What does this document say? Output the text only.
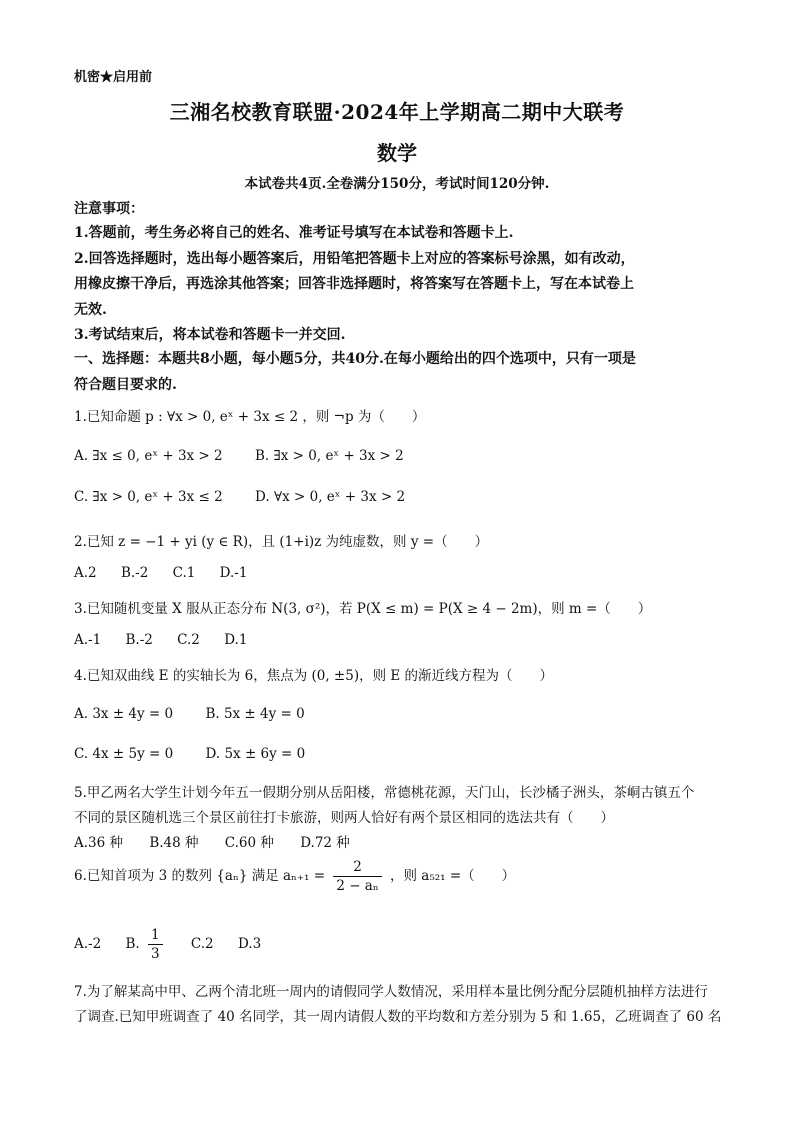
机密★启用前
三湘名校教育联盟·2024年上学期高二期中大联考
数学
本试卷共4页.全卷满分150分，考试时间120分钟.
注意事项：
1.答题前，考生务必将自己的姓名、准考证号填写在本试卷和答题卡上.
2.回答选择题时，选出每小题答案后，用铅笔把答题卡上对应的答案标号涂黑，如有改动，
用橡皮擦干净后，再选涂其他答案；回答非选择题时，将答案写在答题卡上，写在本试卷上
无效.
3.考试结束后，将本试卷和答题卡一并交回.
一、选择题：本题共8小题，每小题5分，共40分.在每小题给出的四个选项中，只有一项是
符合题目要求的.
1.已知命题 p : ∀x > 0, eˣ + 3x ≤ 2 ，则 ¬p 为（　　）
A. ∃x ≤ 0, eˣ + 3x > 2 B. ∃x > 0, eˣ + 3x > 2
C. ∃x > 0, eˣ + 3x ≤ 2 D. ∀x > 0, eˣ + 3x > 2
2.已知 z = −1 + yi (y ∈ R)，且 (1+i)z 为纯虚数，则 y =（　　）
A.2 B.-2 C.1 D.-1
3.已知随机变量 X 服从正态分布 N(3, σ²)，若 P(X ≤ m) = P(X ≥ 4 − 2m)，则 m =（　　）
A.-1 B.-2 C.2 D.1
4.已知双曲线 E 的实轴长为 6，焦点为 (0, ±5)，则 E 的渐近线方程为（　　）
A. 3x ± 4y = 0 B. 5x ± 4y = 0
C. 4x ± 5y = 0 D. 5x ± 6y = 0
5.甲乙两名大学生计划今年五一假期分别从岳阳楼，常德桃花源，天门山，长沙橘子洲头，茶峒古镇五个
不同的景区随机选三个景区前往打卡旅游，则两人恰好有两个景区相同的选法共有（　　）
A.36 种 B.48 种 C.60 种 D.72 种
6.已知首项为 3 的数列 {aₙ} 满足 $a_{n+1} = \frac{2}{\text{2 − aₙ}}$ ，则 a₅₂₁ =（　　）
A.-2 B. $\frac{1}{3} C.2$ D.3
7.为了解某高中甲、乙两个清北班一周内的请假同学人数情况，采用样本量比例分配分层随机抽样方法进行
了调查.已知甲班调查了 40 名同学，其一周内请假人数的平均数和方差分别为 5 和 1.65，乙班调查了 60 名
